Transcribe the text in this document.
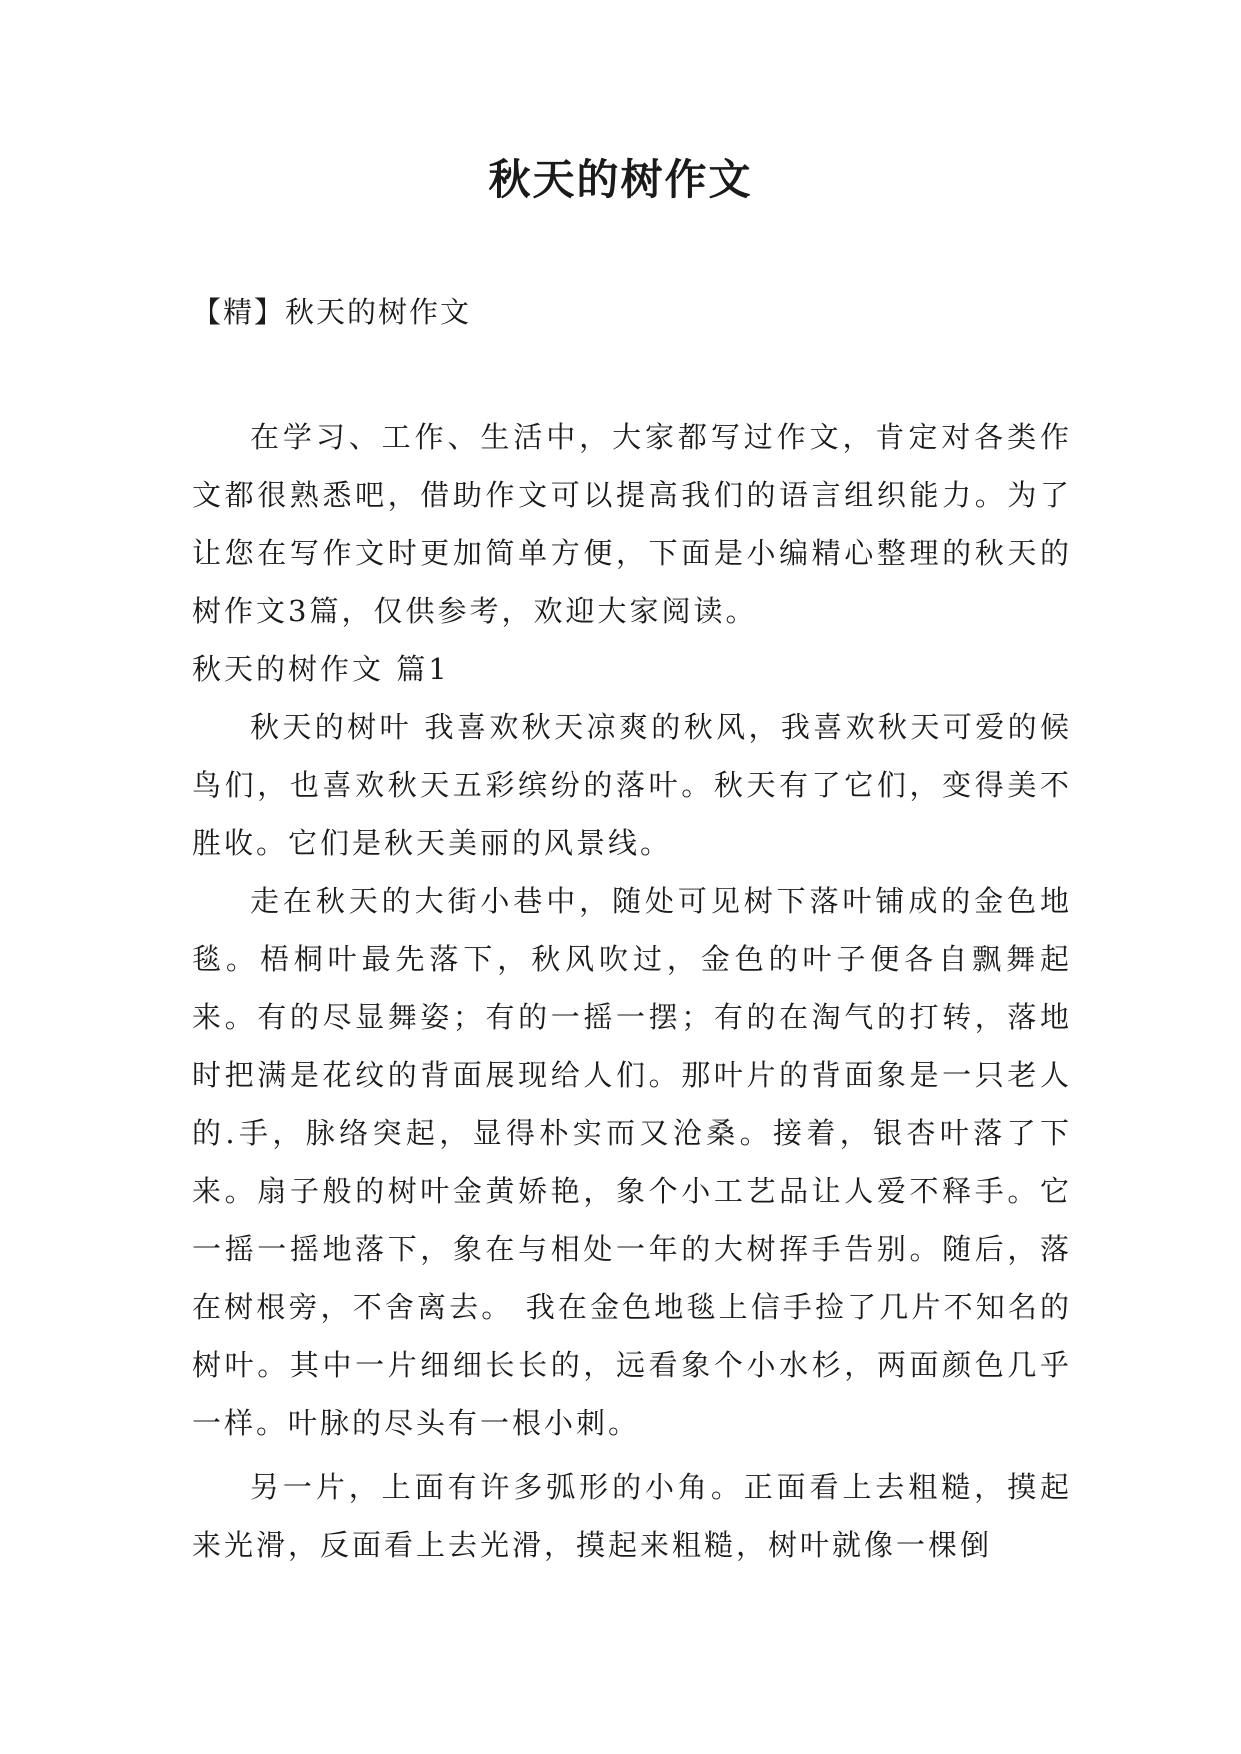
秋天的树作文
【精】秋天的树作文

在学习、工作、生活中，大家都写过作文，肯定对各类作文都很熟悉吧，借助作文可以提高我们的语言组织能力。为了让您在写作文时更加简单方便，下面是小编精心整理的秋天的树作文3篇，仅供参考，欢迎大家阅读。

秋天的树作文 篇1

秋天的树叶 我喜欢秋天凉爽的秋风，我喜欢秋天可爱的候鸟们，也喜欢秋天五彩缤纷的落叶。秋天有了它们，变得美不胜收。它们是秋天美丽的风景线。

走在秋天的大街小巷中，随处可见树下落叶铺成的金色地毯。梧桐叶最先落下，秋风吹过，金色的叶子便各自飘舞起来。有的尽显舞姿；有的一摇一摆；有的在淘气的打转，落地时把满是花纹的背面展现给人们。那叶片的背面象是一只老人的.手，脉络突起，显得朴实而又沧桑。接着，银杏叶落了下来。扇子般的树叶金黄娇艳，象个小工艺品让人爱不释手。它一摇一摇地落下，象在与相处一年的大树挥手告别。随后，落在树根旁，不舍离去。 我在金色地毯上信手捡了几片不知名的树叶。其中一片细细长长的，远看象个小水杉，两面颜色几乎一样。叶脉的尽头有一根小刺。

另一片，上面有许多弧形的小角。正面看上去粗糙，摸起来光滑，反面看上去光滑，摸起来粗糙，树叶就像一棵倒
